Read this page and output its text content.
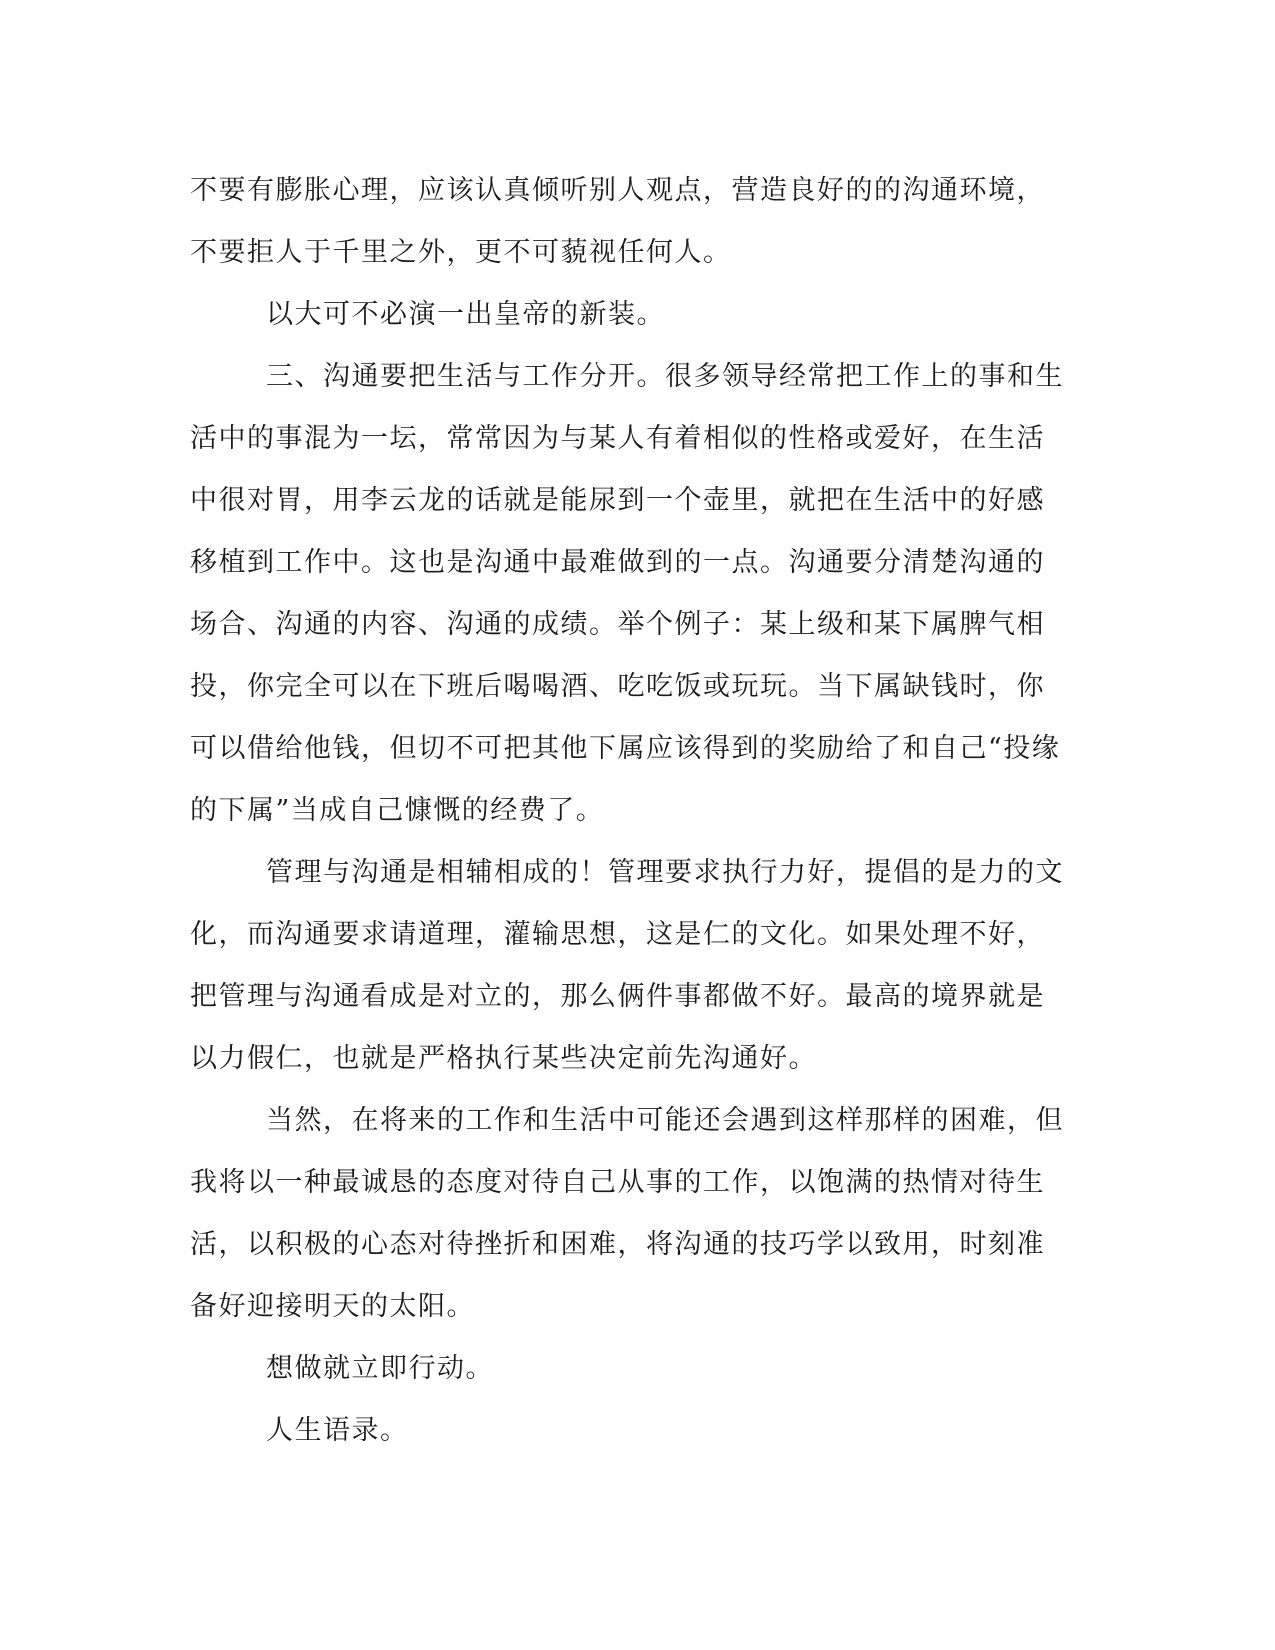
不要有膨胀心理，应该认真倾听别人观点，营造良好的的沟通环境，
不要拒人于千里之外，更不可藐视任何人。
以大可不必演一出皇帝的新装。
三、沟通要把生活与工作分开。很多领导经常把工作上的事和生
活中的事混为一坛，常常因为与某人有着相似的性格或爱好，在生活
中很对胃，用李云龙的话就是能尿到一个壶里，就把在生活中的好感
移植到工作中。这也是沟通中最难做到的一点。沟通要分清楚沟通的
场合、沟通的内容、沟通的成绩。举个例子：某上级和某下属脾气相
投，你完全可以在下班后喝喝酒、吃吃饭或玩玩。当下属缺钱时，你
可以借给他钱，但切不可把其他下属应该得到的奖励给了和自己“投缘
的下属”当成自己慷慨的经费了。
管理与沟通是相辅相成的！管理要求执行力好，提倡的是力的文
化，而沟通要求请道理，灌输思想，这是仁的文化。如果处理不好，
把管理与沟通看成是对立的，那么俩件事都做不好。最高的境界就是
以力假仁，也就是严格执行某些决定前先沟通好。
当然，在将来的工作和生活中可能还会遇到这样那样的困难，但
我将以一种最诚恳的态度对待自己从事的工作，以饱满的热情对待生
活，以积极的心态对待挫折和困难，将沟通的技巧学以致用，时刻准
备好迎接明天的太阳。
想做就立即行动。
人生语录。
